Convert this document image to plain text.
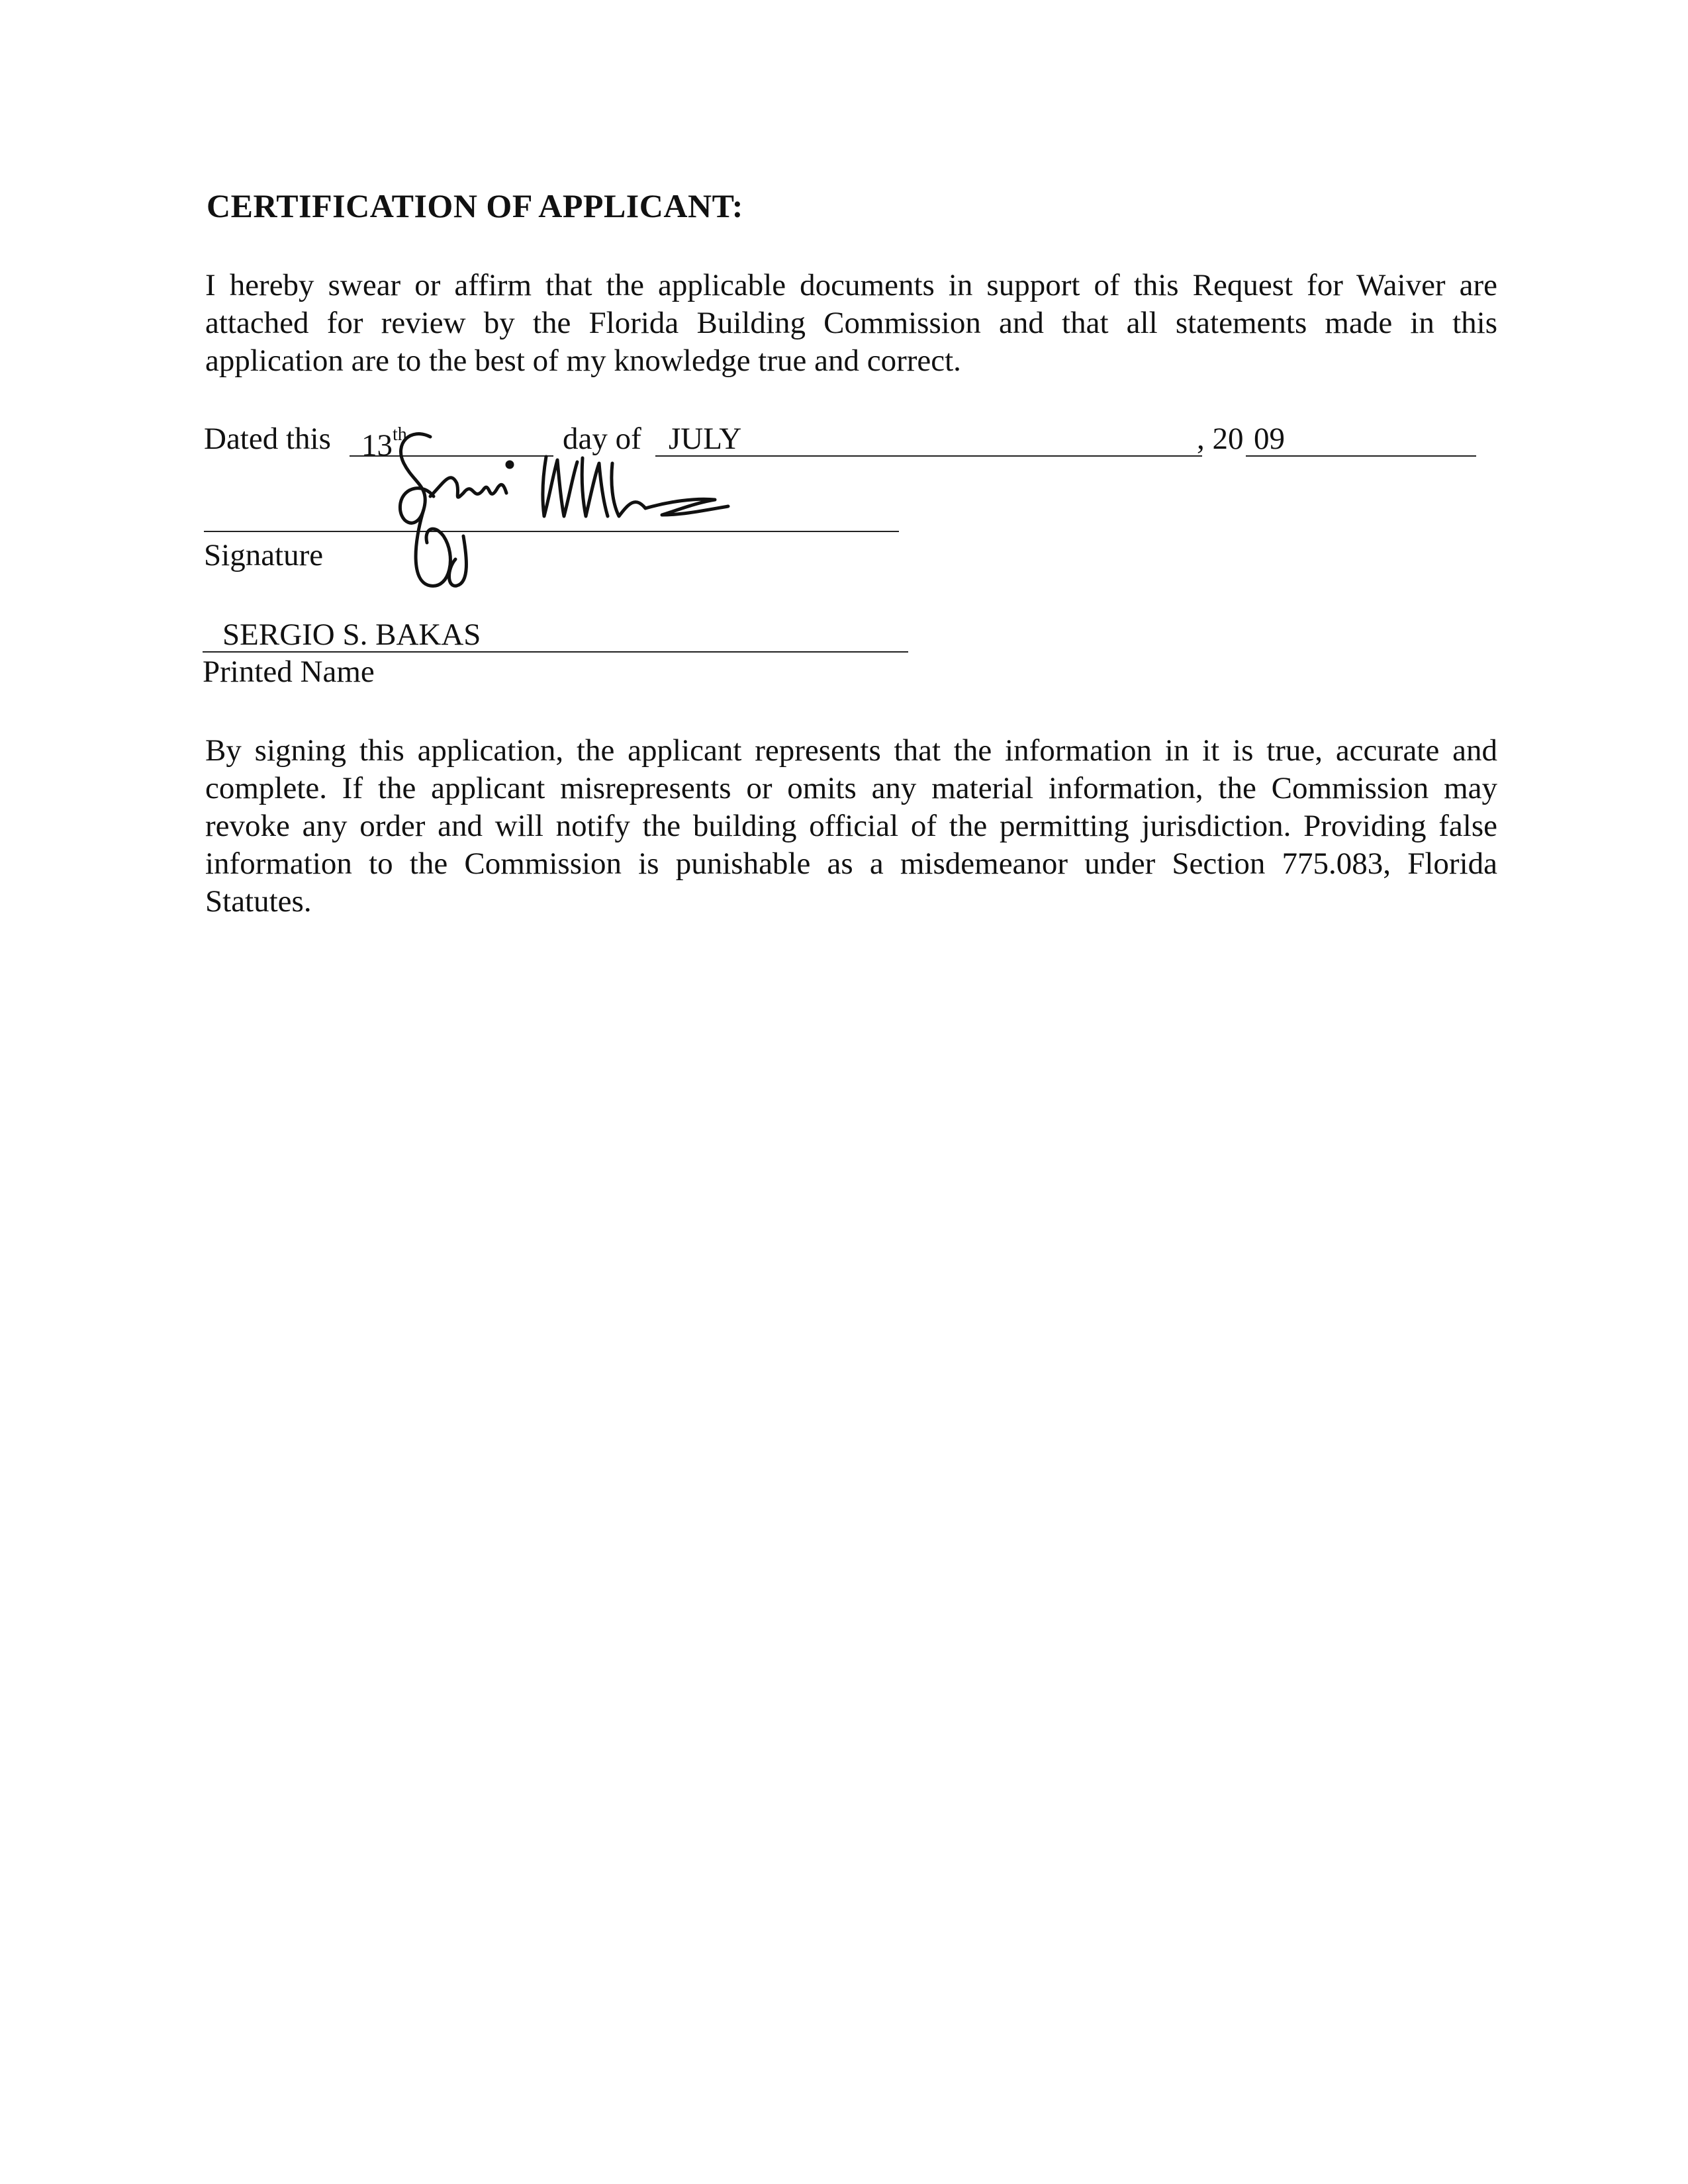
CERTIFICATION OF APPLICANT:
I hereby swear or affirm that the applicable documents in support of this Request for Waiver are attached for review by the Florida Building Commission and that all statements made in this application are to the best of my knowledge true and correct.
Dated this 13th	day of JULY	, 20 09
Signature
SERGIO S. BAKAS
Printed Name
By signing this application, the applicant represents that the information in it is true, accurate and complete. If the applicant misrepresents or omits any material information, the Commission may revoke any order and will notify the building official of the permitting jurisdiction. Providing false information to the Commission is punishable as a misdemeanor under Section 775.083, Florida Statutes.
